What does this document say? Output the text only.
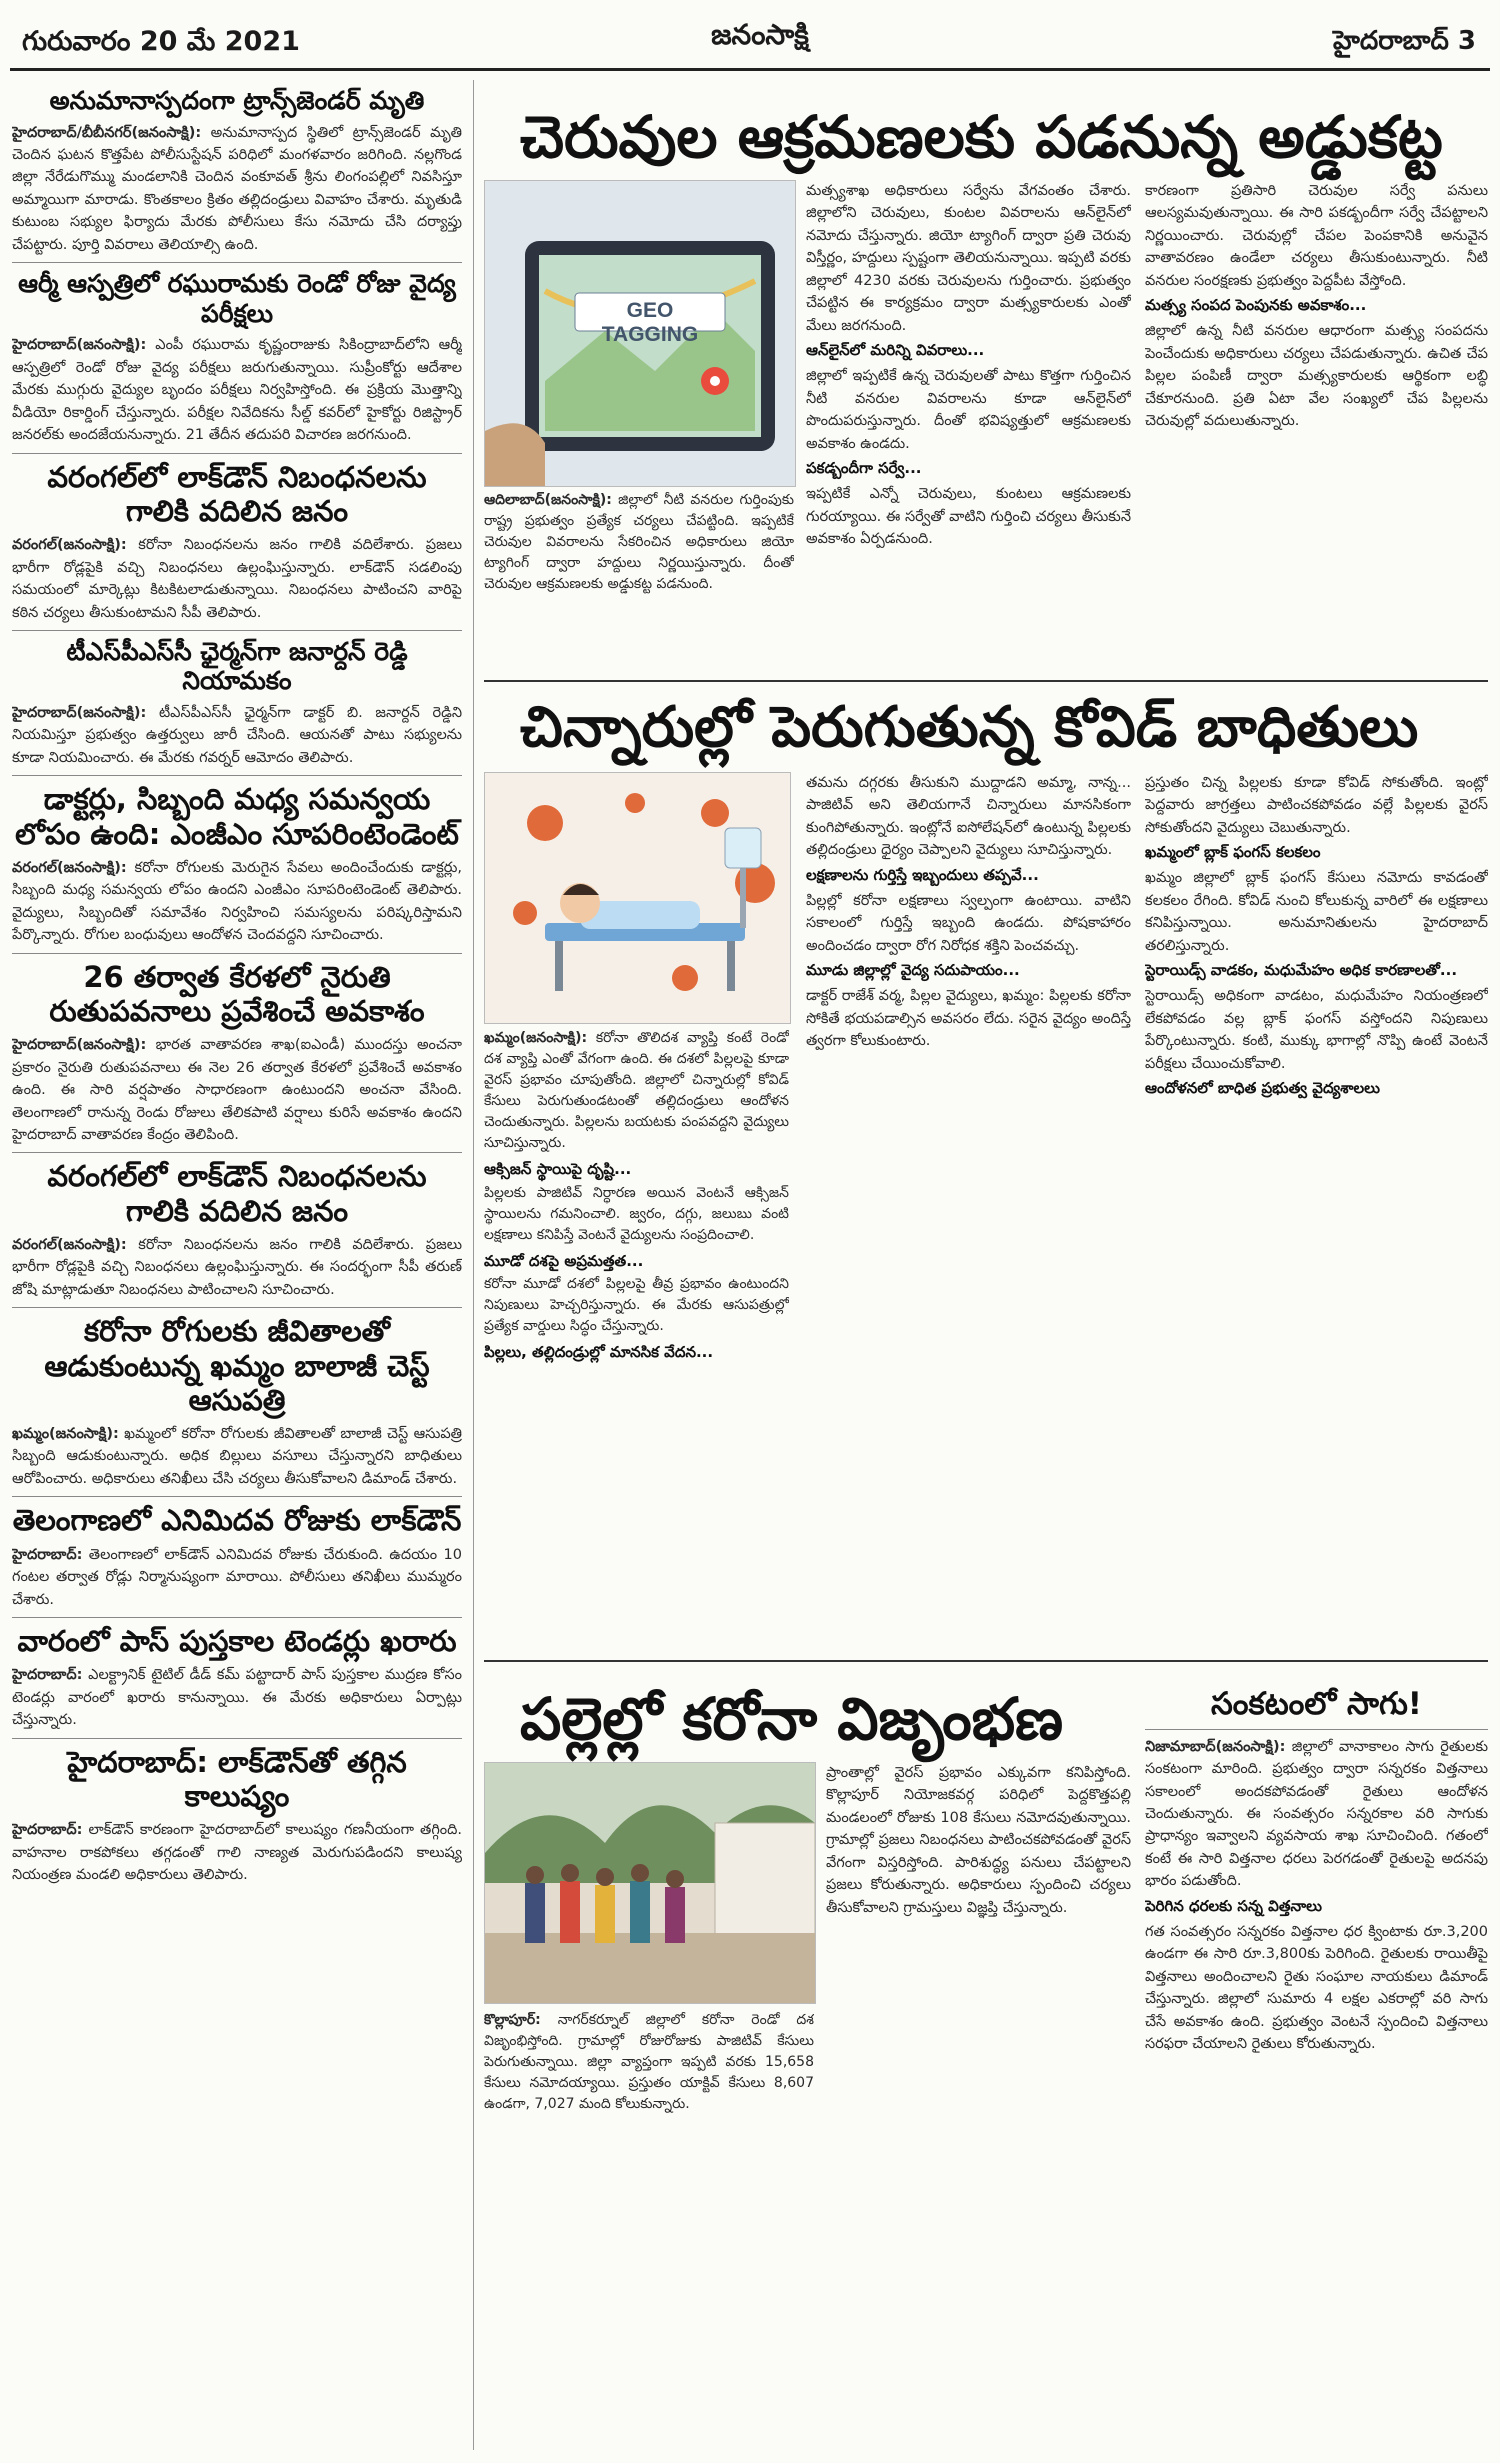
గురువారం 20 మే 2021	జనంసాక్షి	హైదరాబాద్ 3
అనుమానాస్పదంగా ట్రాన్స్‌జెండర్ మృతి

హైదరాబాద్/బీబీనగర్(జనంసాక్షి): అనుమానాస్పద స్థితిలో ట్రాన్స్‌జెండర్ మృతి చెందిన ఘటన కొత్తపేట పోలీసుస్టేషన్ పరిధిలో మంగళవారం జరిగింది. నల్లగొండ జిల్లా నేరేడుగొమ్ము మండలానికి చెందిన వంకూవత్ శ్రీను లింగంపల్లిలో నివసిస్తూ అమ్మాయిగా మారాడు. కొంతకాలం క్రితం తల్లిదండ్రులు వివాహం చేశారు. మృతుడి కుటుంబ సభ్యుల ఫిర్యాదు మేరకు పోలీసులు కేసు నమోదు చేసి దర్యాప్తు చేపట్టారు. పూర్తి వివరాలు తెలియాల్సి ఉంది.

ఆర్మీ ఆస్పత్రిలో రఘురామకు రెండో రోజు వైద్య పరీక్షలు

హైదరాబాద్(జనంసాక్షి): ఎంపీ రఘురామ కృష్ణంరాజుకు సికింద్రాబాద్‌లోని ఆర్మీ ఆస్పత్రిలో రెండో రోజు వైద్య పరీక్షలు జరుగుతున్నాయి. సుప్రీంకోర్టు ఆదేశాల మేరకు ముగ్గురు వైద్యుల బృందం పరీక్షలు నిర్వహిస్తోంది. ఈ ప్రక్రియ మొత్తాన్ని వీడియో రికార్డింగ్ చేస్తున్నారు. పరీక్షల నివేదికను సీల్డ్ కవర్‌లో హైకోర్టు రిజిస్ట్రార్ జనరల్‌కు అందజేయనున్నారు. 21 తేదీన తదుపరి విచారణ జరగనుంది.

వరంగల్‌లో లాక్‌డౌన్ నిబంధనలను గాలికి వదిలిన జనం

వరంగల్(జనంసాక్షి): కరోనా నిబంధనలను జనం గాలికి వదిలేశారు. ప్రజలు భారీగా రోడ్లపైకి వచ్చి నిబంధనలు ఉల్లంఘిస్తున్నారు. లాక్‌డౌన్ సడలింపు సమయంలో మార్కెట్లు కిటకిటలాడుతున్నాయి. నిబంధనలు పాటించని వారిపై కఠిన చర్యలు తీసుకుంటామని సీపీ తెలిపారు.

టీఎస్‌పీఎస్‌సీ ఛైర్మన్‌గా జనార్దన్ రెడ్డి నియామకం

హైదరాబాద్(జనంసాక్షి): టీఎస్‌పీఎస్‌సీ ఛైర్మన్‌గా డాక్టర్ బి. జనార్దన్ రెడ్డిని నియమిస్తూ ప్రభుత్వం ఉత్తర్వులు జారీ చేసింది. ఆయనతో పాటు సభ్యులను కూడా నియమించారు. ఈ మేరకు గవర్నర్ ఆమోదం తెలిపారు.

డాక్టర్లు, సిబ్బంది మధ్య సమన్వయ లోపం ఉంది: ఎంజీఎం సూపరింటెండెంట్

వరంగల్(జనంసాక్షి): కరోనా రోగులకు మెరుగైన సేవలు అందించేందుకు డాక్టర్లు, సిబ్బంది మధ్య సమన్వయ లోపం ఉందని ఎంజీఎం సూపరింటెండెంట్ తెలిపారు. వైద్యులు, సిబ్బందితో సమావేశం నిర్వహించి సమస్యలను పరిష్కరిస్తామని పేర్కొన్నారు. రోగుల బంధువులు ఆందోళన చెందవద్దని సూచించారు.

26 తర్వాత కేరళలో నైరుతి రుతుపవనాలు ప్రవేశించే అవకాశం

హైదరాబాద్(జనంసాక్షి): భారత వాతావరణ శాఖ(ఐఎండీ) ముందస్తు అంచనా ప్రకారం నైరుతి రుతుపవనాలు ఈ నెల 26 తర్వాత కేరళలో ప్రవేశించే అవకాశం ఉంది. ఈ సారి వర్షపాతం సాధారణంగా ఉంటుందని అంచనా వేసింది. తెలంగాణలో రానున్న రెండు రోజులు తేలికపాటి వర్షాలు కురిసే అవకాశం ఉందని హైదరాబాద్ వాతావరణ కేంద్రం తెలిపింది.

వరంగల్‌లో లాక్‌డౌన్ నిబంధనలను గాలికి వదిలిన జనం

వరంగల్(జనంసాక్షి): కరోనా నిబంధనలను జనం గాలికి వదిలేశారు. ప్రజలు భారీగా రోడ్లపైకి వచ్చి నిబంధనలు ఉల్లంఘిస్తున్నారు. ఈ సందర్భంగా సీపీ తరుణ్ జోషి మాట్లాడుతూ నిబంధనలు పాటించాలని సూచించారు.

కరోనా రోగులకు జీవితాలతో ఆడుకుంటున్న ఖమ్మం బాలాజీ చెస్ట్ ఆసుపత్రి

ఖమ్మం(జనంసాక్షి): ఖమ్మంలో కరోనా రోగులకు జీవితాలతో బాలాజీ చెస్ట్ ఆసుపత్రి సిబ్బంది ఆడుకుంటున్నారు. అధిక బిల్లులు వసూలు చేస్తున్నారని బాధితులు ఆరోపించారు. అధికారులు తనిఖీలు చేసి చర్యలు తీసుకోవాలని డిమాండ్ చేశారు.

తెలంగాణలో ఎనిమిదవ రోజుకు లాక్‌డౌన్

హైదరాబాద్: తెలంగాణలో లాక్‌డౌన్ ఎనిమిదవ రోజుకు చేరుకుంది. ఉదయం 10 గంటల తర్వాత రోడ్లు నిర్మానుష్యంగా మారాయి. పోలీసులు తనిఖీలు ముమ్మరం చేశారు.

వారంలో పాస్ పుస్తకాల టెండర్లు ఖరారు

హైదరాబాద్: ఎలక్ట్రానిక్ టైటిల్ డీడ్ కమ్ పట్టాదార్ పాస్ పుస్తకాల ముద్రణ కోసం టెండర్లు వారంలో ఖరారు కానున్నాయి. ఈ మేరకు అధికారులు ఏర్పాట్లు చేస్తున్నారు.

హైదరాబాద్: లాక్‌డౌన్‌తో తగ్గిన కాలుష్యం

హైదరాబాద్: లాక్‌డౌన్ కారణంగా హైదరాబాద్‌లో కాలుష్యం గణనీయంగా తగ్గింది. వాహనాల రాకపోకలు తగ్గడంతో గాలి నాణ్యత మెరుగుపడిందని కాలుష్య నియంత్రణ మండలి అధికారులు తెలిపారు.

చెరువుల ఆక్రమణలకు పడనున్న అడ్డుకట్ట
GEO TAGGING
ఆదిలాబాద్(జనంసాక్షి): జిల్లాలో నీటి వనరుల గుర్తింపుకు రాష్ట్ర ప్రభుత్వం ప్రత్యేక చర్యలు చేపట్టింది. ఇప్పటికే చెరువుల వివరాలను సేకరించిన అధికారులు జియో ట్యాగింగ్ ద్వారా హద్దులు నిర్ణయిస్తున్నారు. దీంతో చెరువుల ఆక్రమణలకు అడ్డుకట్ట పడనుంది.

మత్స్యశాఖ అధికారులు సర్వేను వేగవంతం చేశారు. జిల్లాలోని చెరువులు, కుంటల వివరాలను ఆన్‌లైన్‌లో నమోదు చేస్తున్నారు. జియో ట్యాగింగ్ ద్వారా ప్రతి చెరువు విస్తీర్ణం, హద్దులు స్పష్టంగా తెలియనున్నాయి. ఇప్పటి వరకు జిల్లాలో 4230 వరకు చెరువులను గుర్తించారు. ప్రభుత్వం చేపట్టిన ఈ కార్యక్రమం ద్వారా మత్స్యకారులకు ఎంతో మేలు జరగనుంది.

ఆన్‌లైన్‌లో మరిన్ని వివరాలు...

జిల్లాలో ఇప్పటికే ఉన్న చెరువులతో పాటు కొత్తగా గుర్తించిన నీటి వనరుల వివరాలను కూడా ఆన్‌లైన్‌లో పొందుపరుస్తున్నారు. దీంతో భవిష్యత్తులో ఆక్రమణలకు అవకాశం ఉండదు.

పకడ్బందీగా సర్వే...

ఇప్పటికే ఎన్నో చెరువులు, కుంటలు ఆక్రమణలకు గురయ్యాయి. ఈ సర్వేతో వాటిని గుర్తించి చర్యలు తీసుకునే అవకాశం ఏర్పడనుంది.

కారణంగా ప్రతిసారి చెరువుల సర్వే పనులు ఆలస్యమవుతున్నాయి. ఈ సారి పకడ్బందీగా సర్వే చేపట్టాలని నిర్ణయించారు. చెరువుల్లో చేపల పెంపకానికి అనువైన వాతావరణం ఉండేలా చర్యలు తీసుకుంటున్నారు. నీటి వనరుల సంరక్షణకు ప్రభుత్వం పెద్దపీట వేస్తోంది.

మత్స్య సంపద పెంపునకు అవకాశం...

జిల్లాలో ఉన్న నీటి వనరుల ఆధారంగా మత్స్య సంపదను పెంచేందుకు అధికారులు చర్యలు చేపడుతున్నారు. ఉచిత చేప పిల్లల పంపిణీ ద్వారా మత్స్యకారులకు ఆర్థికంగా లబ్ధి చేకూరనుంది. ప్రతి ఏటా వేల సంఖ్యలో చేప పిల్లలను చెరువుల్లో వదులుతున్నారు.

చిన్నారుల్లో పెరుగుతున్న కోవిడ్ బాధితులు
ఖమ్మం(జనంసాక్షి): కరోనా తొలిదశ వ్యాప్తి కంటే రెండో దశ వ్యాప్తి ఎంతో వేగంగా ఉంది. ఈ దశలో పిల్లలపై కూడా వైరస్ ప్రభావం చూపుతోంది. జిల్లాలో చిన్నారుల్లో కోవిడ్ కేసులు పెరుగుతుండటంతో తల్లిదండ్రులు ఆందోళన చెందుతున్నారు. పిల్లలను బయటకు పంపవద్దని వైద్యులు సూచిస్తున్నారు.
ఆక్సిజన్ స్థాయిపై దృష్టి...
పిల్లలకు పాజిటివ్ నిర్ధారణ అయిన వెంటనే ఆక్సిజన్ స్థాయిలను గమనించాలి. జ్వరం, దగ్గు, జలుబు వంటి లక్షణాలు కనిపిస్తే వెంటనే వైద్యులను సంప్రదించాలి.
మూడో దశపై అప్రమత్తత...
కరోనా మూడో దశలో పిల్లలపై తీవ్ర ప్రభావం ఉంటుందని నిపుణులు హెచ్చరిస్తున్నారు. ఈ మేరకు ఆసుపత్రుల్లో ప్రత్యేక వార్డులు సిద్ధం చేస్తున్నారు.
పిల్లలు, తల్లిదండ్రుల్లో మానసిక వేదన...

తమను దగ్గరకు తీసుకుని ముద్దాడని అమ్మా, నాన్న... పాజిటివ్ అని తెలియగానే చిన్నారులు మానసికంగా కుంగిపోతున్నారు. ఇంట్లోనే ఐసోలేషన్‌లో ఉంటున్న పిల్లలకు తల్లిదండ్రులు ధైర్యం చెప్పాలని వైద్యులు సూచిస్తున్నారు.

లక్షణాలను గుర్తిస్తే ఇబ్బందులు తప్పవే...

పిల్లల్లో కరోనా లక్షణాలు స్వల్పంగా ఉంటాయి. వాటిని సకాలంలో గుర్తిస్తే ఇబ్బంది ఉండదు. పోషకాహారం అందించడం ద్వారా రోగ నిరోధక శక్తిని పెంచవచ్చు.

మూడు జిల్లాల్లో వైద్య సదుపాయం...

డాక్టర్ రాజేశ్ వర్మ, పిల్లల వైద్యులు, ఖమ్మం: పిల్లలకు కరోనా సోకితే భయపడాల్సిన అవసరం లేదు. సరైన వైద్యం అందిస్తే త్వరగా కోలుకుంటారు.

ప్రస్తుతం చిన్న పిల్లలకు కూడా కోవిడ్ సోకుతోంది. ఇంట్లో పెద్దవారు జాగ్రత్తలు పాటించకపోవడం వల్లే పిల్లలకు వైరస్ సోకుతోందని వైద్యులు చెబుతున్నారు.

ఖమ్మంలో బ్లాక్ ఫంగస్ కలకలం

ఖమ్మం జిల్లాలో బ్లాక్ ఫంగస్ కేసులు నమోదు కావడంతో కలకలం రేగింది. కోవిడ్ నుంచి కోలుకున్న వారిలో ఈ లక్షణాలు కనిపిస్తున్నాయి. అనుమానితులను హైదరాబాద్ తరలిస్తున్నారు.

స్టెరాయిడ్స్ వాడకం, మధుమేహం అధిక కారణాలతో...

స్టెరాయిడ్స్ అధికంగా వాడటం, మధుమేహం నియంత్రణలో లేకపోవడం వల్ల బ్లాక్ ఫంగస్ వస్తోందని నిపుణులు పేర్కొంటున్నారు. కంటి, ముక్కు భాగాల్లో నొప్పి ఉంటే వెంటనే పరీక్షలు చేయించుకోవాలి.

ఆందోళనలో బాధిత ప్రభుత్వ వైద్యశాలలు
పల్లెల్లో కరోనా విజృంభణ
కొల్లాపూర్: నాగర్‌కర్నూల్ జిల్లాలో కరోనా రెండో దశ విజృంభిస్తోంది. గ్రామాల్లో రోజురోజుకు పాజిటివ్ కేసులు పెరుగుతున్నాయి. జిల్లా వ్యాప్తంగా ఇప్పటి వరకు 15,658 కేసులు నమోదయ్యాయి. ప్రస్తుతం యాక్టివ్ కేసులు 8,607 ఉండగా, 7,027 మంది కోలుకున్నారు.

ప్రాంతాల్లో వైరస్ ప్రభావం ఎక్కువగా కనిపిస్తోంది. కొల్లాపూర్ నియోజకవర్గ పరిధిలో పెద్దకొత్తపల్లి మండలంలో రోజుకు 108 కేసులు నమోదవుతున్నాయి. గ్రామాల్లో ప్రజలు నిబంధనలు పాటించకపోవడంతో వైరస్ వేగంగా విస్తరిస్తోంది. పారిశుద్ధ్య పనులు చేపట్టాలని ప్రజలు కోరుతున్నారు. అధికారులు స్పందించి చర్యలు తీసుకోవాలని గ్రామస్తులు విజ్ఞప్తి చేస్తున్నారు.

సంకటంలో సాగు!

నిజామాబాద్(జనంసాక్షి): జిల్లాలో వానాకాలం సాగు రైతులకు సంకటంగా మారింది. ప్రభుత్వం ద్వారా సన్నరకం విత్తనాలు సకాలంలో అందకపోవడంతో రైతులు ఆందోళన చెందుతున్నారు. ఈ సంవత్సరం సన్నరకాల వరి సాగుకు ప్రాధాన్యం ఇవ్వాలని వ్యవసాయ శాఖ సూచించింది. గతంలో కంటే ఈ సారి విత్తనాల ధరలు పెరగడంతో రైతులపై అదనపు భారం పడుతోంది.

పెరిగిన ధరలకు సన్న విత్తనాలు

గత సంవత్సరం సన్నరకం విత్తనాల ధర క్వింటాకు రూ.3,200 ఉండగా ఈ సారి రూ.3,800కు పెరిగింది. రైతులకు రాయితీపై విత్తనాలు అందించాలని రైతు సంఘాల నాయకులు డిమాండ్ చేస్తున్నారు. జిల్లాలో సుమారు 4 లక్షల ఎకరాల్లో వరి సాగు చేసే అవకాశం ఉంది. ప్రభుత్వం వెంటనే స్పందించి విత్తనాలు సరఫరా చేయాలని రైతులు కోరుతున్నారు.
